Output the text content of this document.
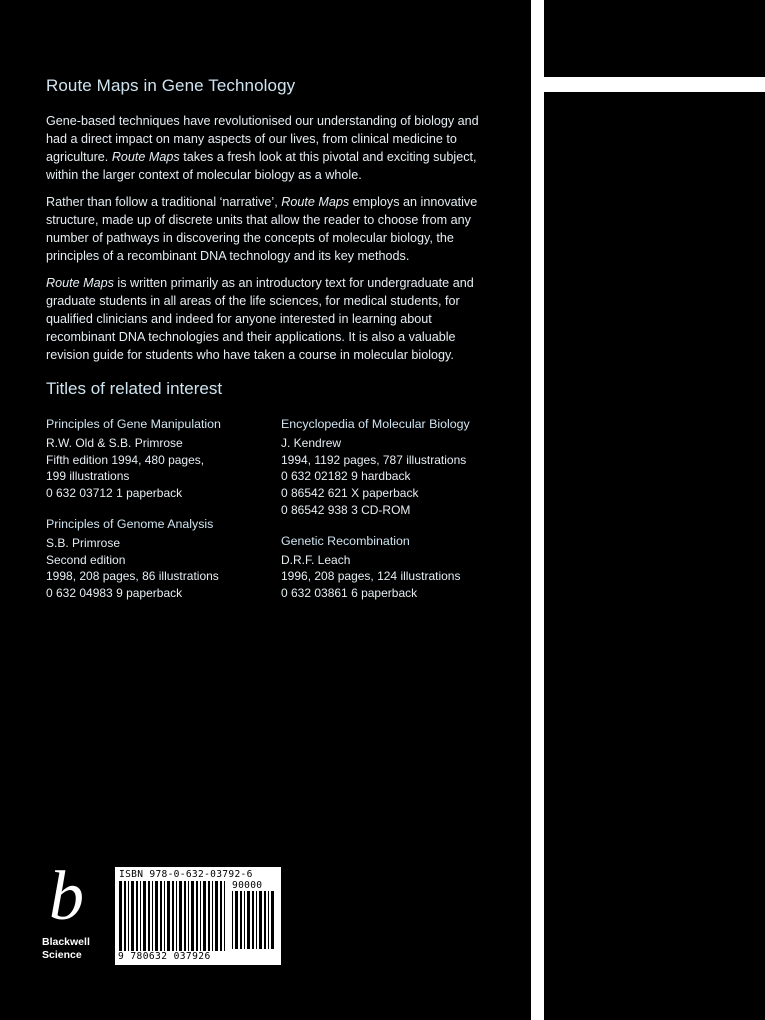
Route Maps in Gene Technology

Gene-based techniques have revolutionised our understanding of biology and had a direct impact on many aspects of our lives, from clinical medicine to agriculture. Route Maps takes a fresh look at this pivotal and exciting subject, within the larger context of molecular biology as a whole.

Rather than follow a traditional ‘narrative’, Route Maps employs an innovative structure, made up of discrete units that allow the reader to choose from any number of pathways in discovering the concepts of molecular biology, the principles of a recombinant DNA technology and its key methods.

Route Maps is written primarily as an introductory text for undergraduate and graduate students in all areas of the life sciences, for medical students, for qualified clinicians and indeed for anyone interested in learning about recombinant DNA technologies and their applications. It is also a valuable revision guide for students who have taken a course in molecular biology.

Titles of related interest
Principles of Gene Manipulation
R.W. Old & S.B. Primrose
Fifth edition 1994, 480 pages,
199 illustrations
0 632 03712 1 paperback
Principles of Genome Analysis
S.B. Primrose
Second edition
1998, 208 pages, 86 illustrations
0 632 04983 9 paperback
Encyclopedia of Molecular Biology
J. Kendrew
1994, 1192 pages, 787 illustrations
0 632 02182 9 hardback
0 86542 621 X paperback
0 86542 938 3 CD-ROM
Genetic Recombination
D.R.F. Leach
1996, 208 pages, 124 illustrations
0 632 03861 6 paperback
b
Blackwell
Science
ISBN 978-0-632-03792-6
90000
9 780632 037926
